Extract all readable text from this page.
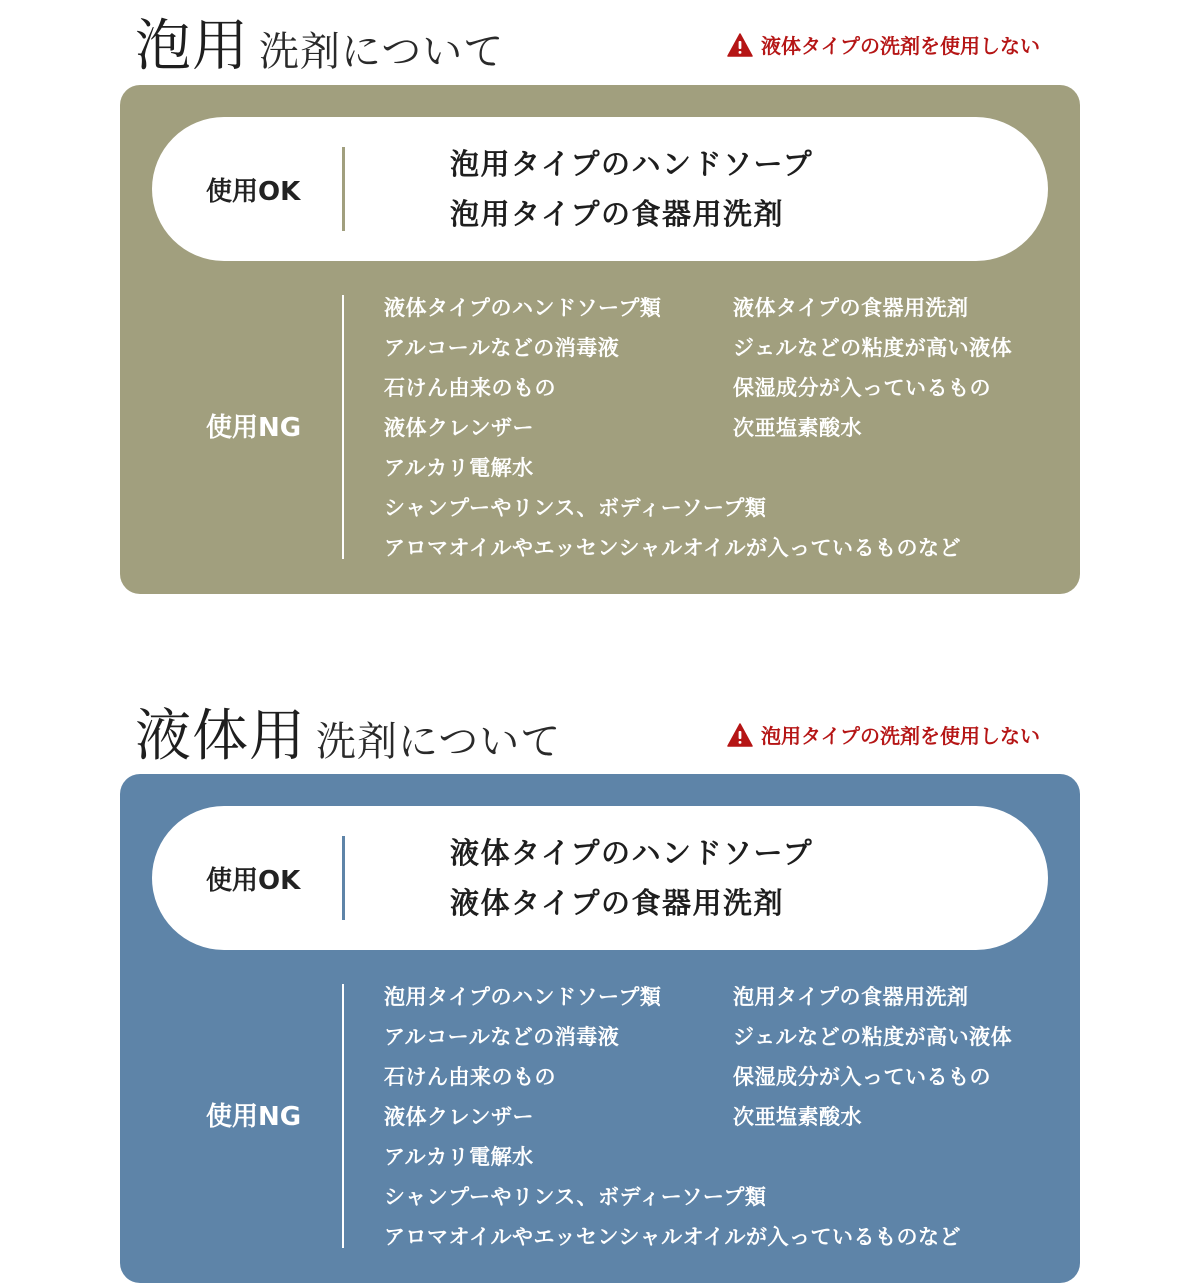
泡用 洗剤について	液体タイプの洗剤を使用しない
使用OK
泡用タイプのハンドソープ
泡用タイプの食器用洗剤
使用NG
液体タイプのハンドソープ類	液体タイプの食器用洗剤
アルコールなどの消毒液	ジェルなどの粘度が高い液体
石けん由来のもの	保湿成分が入っているもの
液体クレンザー	次亜塩素酸水
アルカリ電解水
シャンプーやリンス、ボディーソープ類
アロマオイルやエッセンシャルオイルが入っているものなど
液体用 洗剤について	泡用タイプの洗剤を使用しない
使用OK
液体タイプのハンドソープ
液体タイプの食器用洗剤
使用NG
泡用タイプのハンドソープ類	泡用タイプの食器用洗剤
アルコールなどの消毒液	ジェルなどの粘度が高い液体
石けん由来のもの	保湿成分が入っているもの
液体クレンザー	次亜塩素酸水
アルカリ電解水
シャンプーやリンス、ボディーソープ類
アロマオイルやエッセンシャルオイルが入っているものなど
